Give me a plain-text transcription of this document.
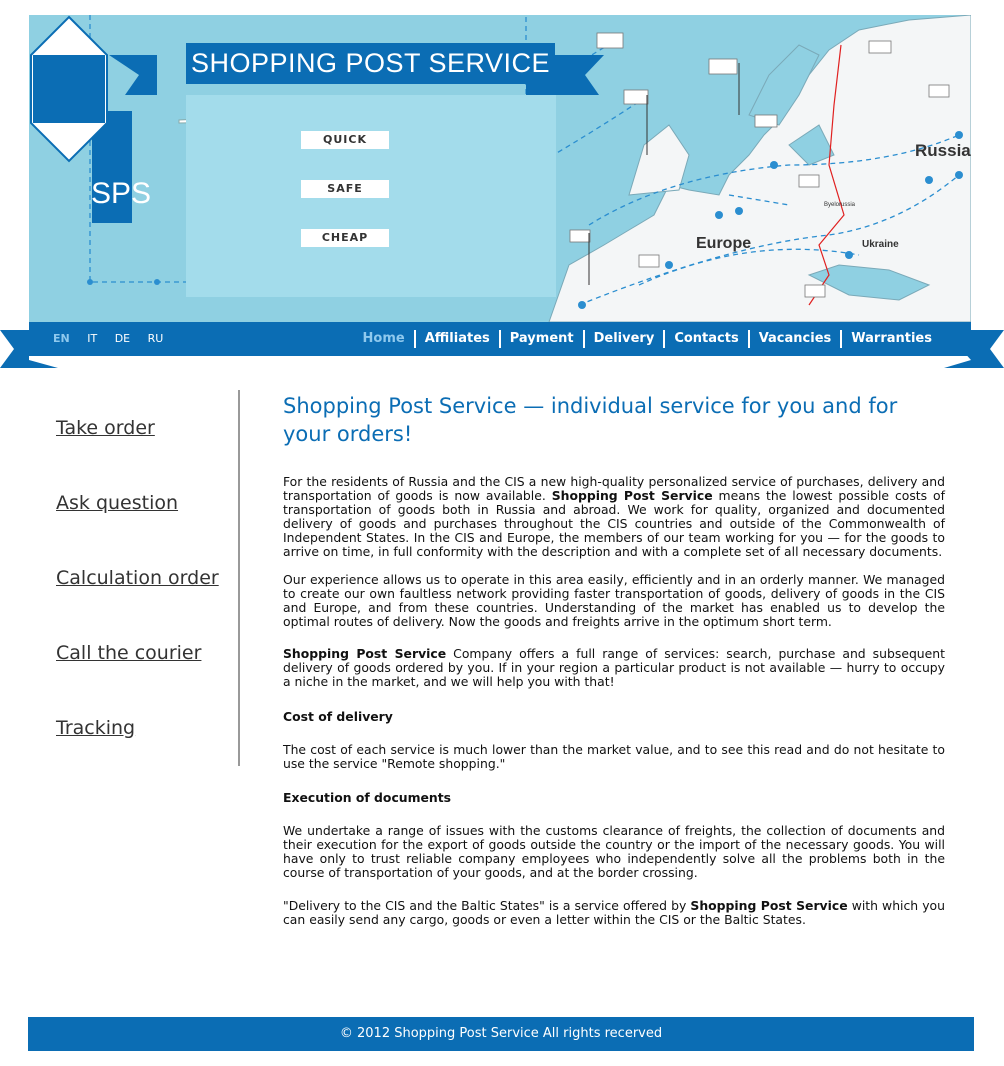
SPS
SHOPPING POST SERVICE
QUICK
SAFE
CHEAP
Russia
Europe	Ukraine
Byelorussia
EN IT DE RU	Home Affiliates Payment Delivery Contacts Vacancies Warranties
Take order
Ask question
Calculation order
Call the courier
Tracking
Shopping Post Service — individual service for you and for your orders!

For the residents of Russia and the CIS a new high-quality personalized service of purchases, delivery and transportation of goods is now available. Shopping Post Service means the lowest possible costs of transportation of goods both in Russia and abroad. We work for quality, organized and documented delivery of goods and purchases throughout the CIS countries and outside of the Commonwealth of Independent States. In the CIS and Europe, the members of our team working for you — for the goods to arrive on time, in full conformity with the description and with a complete set of all necessary documents.

Our experience allows us to operate in this area easily, efficiently and in an orderly manner. We managed to create our own faultless network providing faster transportation of goods, delivery of goods in the CIS and Europe, and from these countries. Understanding of the market has enabled us to develop the optimal routes of delivery. Now the goods and freights arrive in the optimum short term.

Shopping Post Service Company offers a full range of services: search, purchase and subsequent delivery of goods ordered by you. If in your region a particular product is not available — hurry to occupy a niche in the market, and we will help you with that!

Cost of delivery

The cost of each service is much lower than the market value, and to see this read and do not hesitate to use the service "Remote shopping."

Execution of documents

We undertake a range of issues with the customs clearance of freights, the collection of documents and their execution for the export of goods outside the country or the import of the necessary goods. You will have only to trust reliable company employees who independently solve all the problems both in the course of transportation of your goods, and at the border crossing.

"Delivery to the CIS and the Baltic States" is a service offered by Shopping Post Service with which you can easily send any cargo, goods or even a letter within the CIS or the Baltic States.

© 2012 Shopping Post Service All rights recerved
